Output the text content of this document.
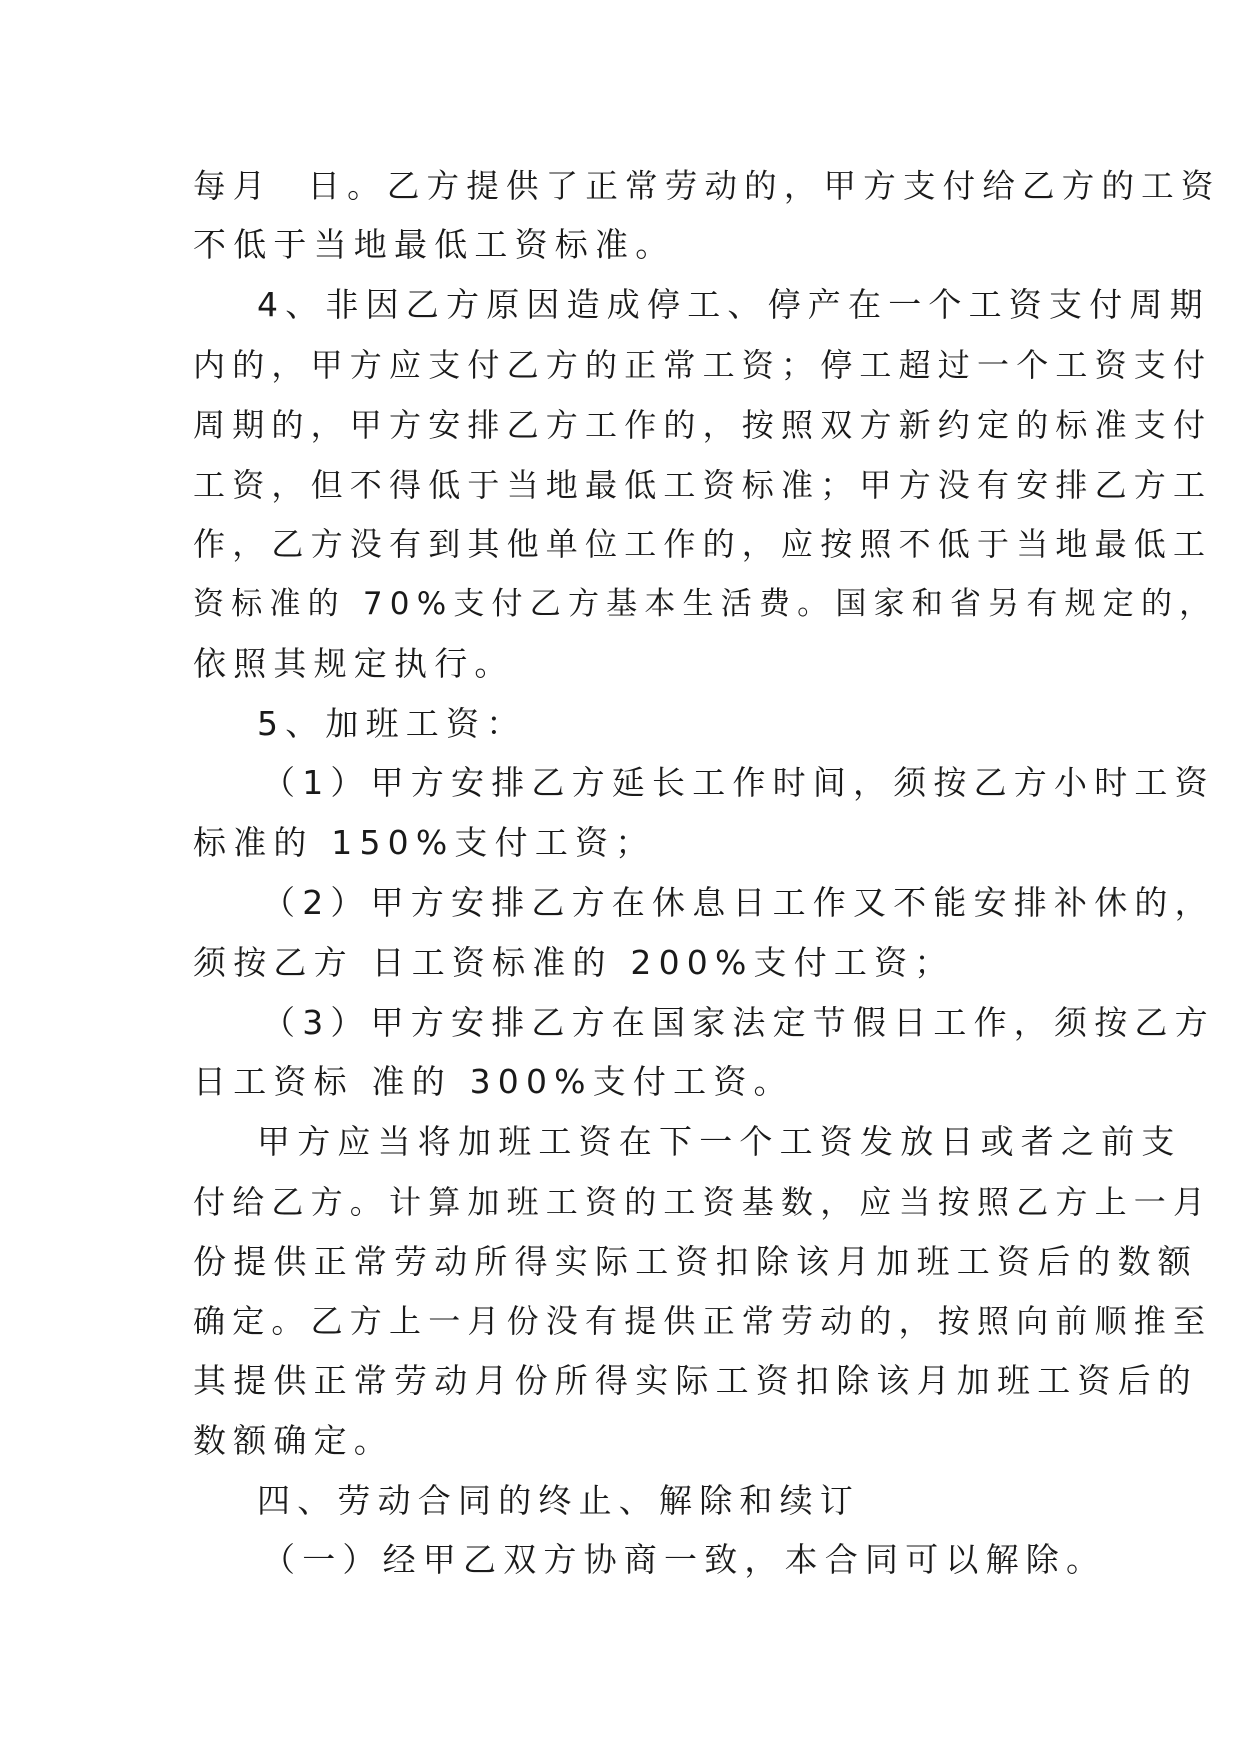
每月  日。乙方提供了正常劳动的，甲方支付给乙方的工资
不低于当地最低工资标准。
4、非因乙方原因造成停工、停产在一个工资支付周期
内的，甲方应支付乙方的正常工资；停工超过一个工资支付
周期的，甲方安排乙方工作的，按照双方新约定的标准支付
工资，但不得低于当地最低工资标准；甲方没有安排乙方工
作，乙方没有到其他单位工作的，应按照不低于当地最低工
资标准的 70%支付乙方基本生活费。国家和省另有规定的，
依照其规定执行。
5、加班工资：
（1）甲方安排乙方延长工作时间，须按乙方小时工资
标准的 150%支付工资；
（2）甲方安排乙方在休息日工作又不能安排补休的，
须按乙方 日工资标准的 200%支付工资；
（3）甲方安排乙方在国家法定节假日工作，须按乙方
日工资标 准的 300%支付工资。
甲方应当将加班工资在下一个工资发放日或者之前支
付给乙方。计算加班工资的工资基数，应当按照乙方上一月
份提供正常劳动所得实际工资扣除该月加班工资后的数额
确定。乙方上一月份没有提供正常劳动的，按照向前顺推至
其提供正常劳动月份所得实际工资扣除该月加班工资后的
数额确定。
四、劳动合同的终止、解除和续订
（一）经甲乙双方协商一致，本合同可以解除。
